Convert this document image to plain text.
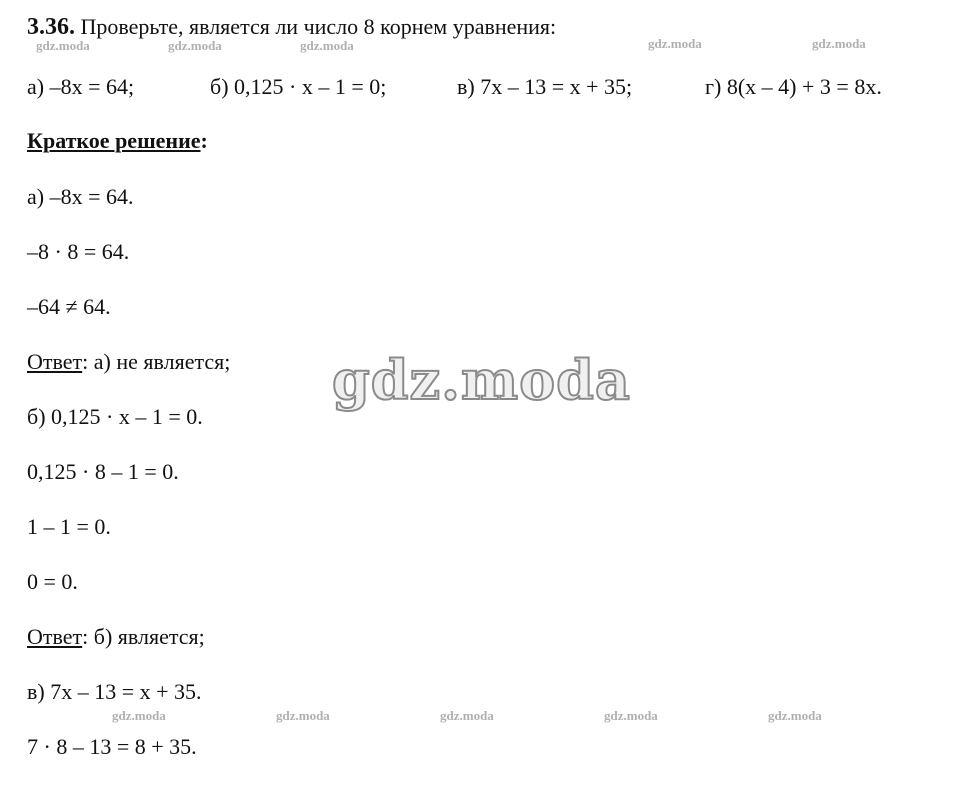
gdz.moda	gdz.moda	gdz.moda	gdz.moda	gdz.moda
3.36. Проверьте, является ли число 8 корнем уравнения:
а) –8х = 64;	б) 0,125 · х – 1 = 0;	в) 7х – 13 = х + 35;	г) 8(х – 4) + 3 = 8х.
Краткое решение:
а) –8х = 64.
–8 · 8 = 64.
–64 ≠ 64.
Ответ: а) не является;
б) 0,125 · х – 1 = 0.
0,125 · 8 – 1 = 0.
1 – 1 = 0.
0 = 0.
Ответ: б) является;
в) 7х – 13 = х + 35.
gdz.moda	gdz.moda	gdz.moda	gdz.moda	gdz.moda
7 · 8 – 13 = 8 + 35.
gdz.moda
